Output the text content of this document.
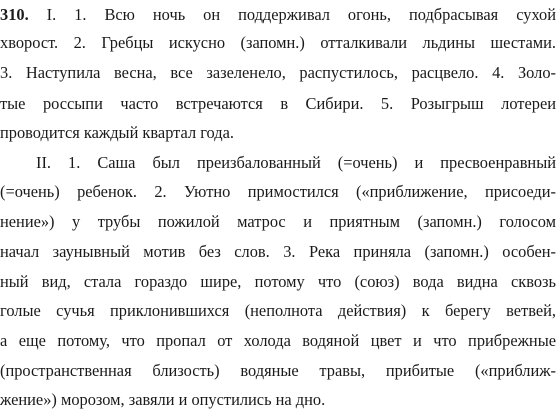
310. I. 1. Всю ночь он поддерживал огонь, подбрасывая сухой
хворост. 2. Гребцы искусно (запомн.) отталкивали льдины шестами.
3. Наступила весна, все зазеленело, распустилось, расцвело. 4. Золо-
тые россыпи часто встречаются в Сибири. 5. Розыгрыш лотереи
проводится каждый квартал года.
II. 1. Саша был преизбалованный (=очень) и пресвоенравный
(=очень) ребенок. 2. Уютно примостился («приближение, присоеди-
нение») у трубы пожилой матрос и приятным (запомн.) голосом
начал заунывный мотив без слов. 3. Река приняла (запомн.) особен-
ный вид, стала гораздо шире, потому что (союз) вода видна сквозь
голые сучья приклонившихся (неполнота действия) к берегу ветвей,
а еще потому, что пропал от холода водяной цвет и что прибрежные
(пространственная близость) водяные травы, прибитые («приближ-
жение») морозом, завяли и опустились на дно.
